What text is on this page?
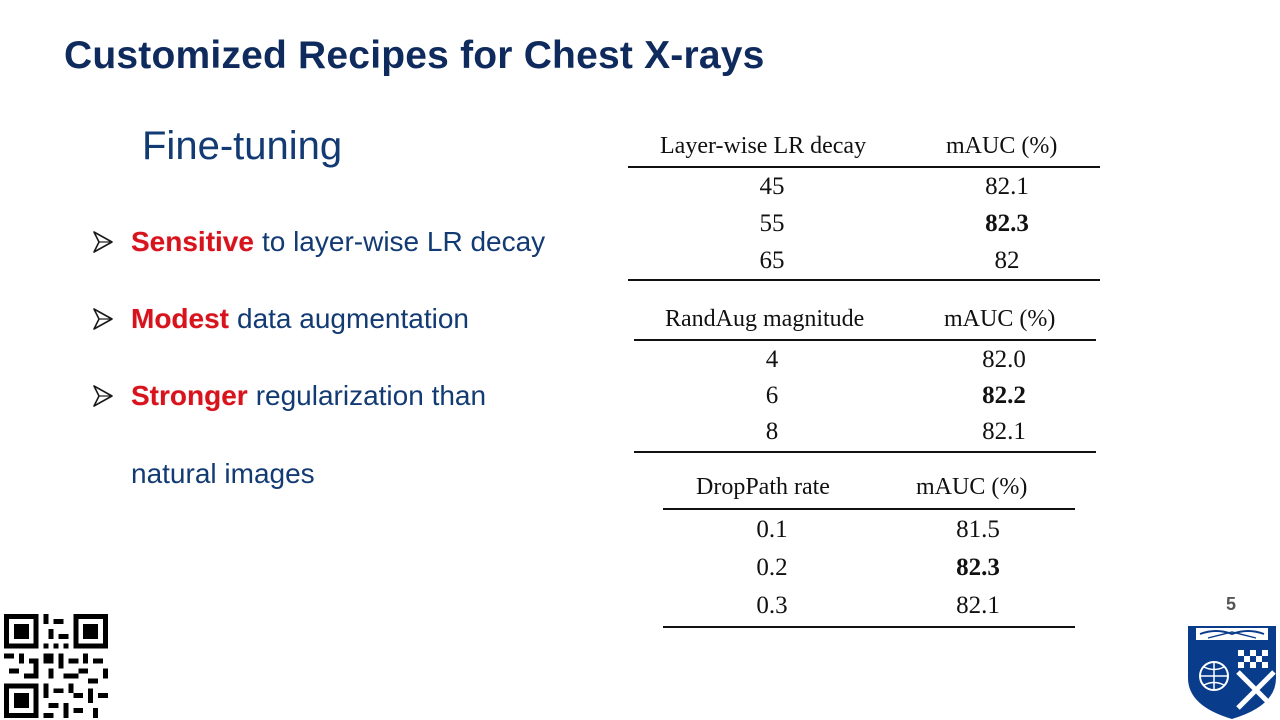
Customized Recipes for Chest X-rays
Fine-tuning
Sensitive to layer-wise LR decay
Modest data augmentation
Stronger regularization than
natural images
Layer-wise LR decay	mAUC (%)
45	82.1
55	82.3
65	82
RandAug magnitude	mAUC (%)
4	82.0
6	82.2
8	82.1
DropPath rate	mAUC (%)
0.1	81.5
0.2	82.3
0.3	82.1	5
